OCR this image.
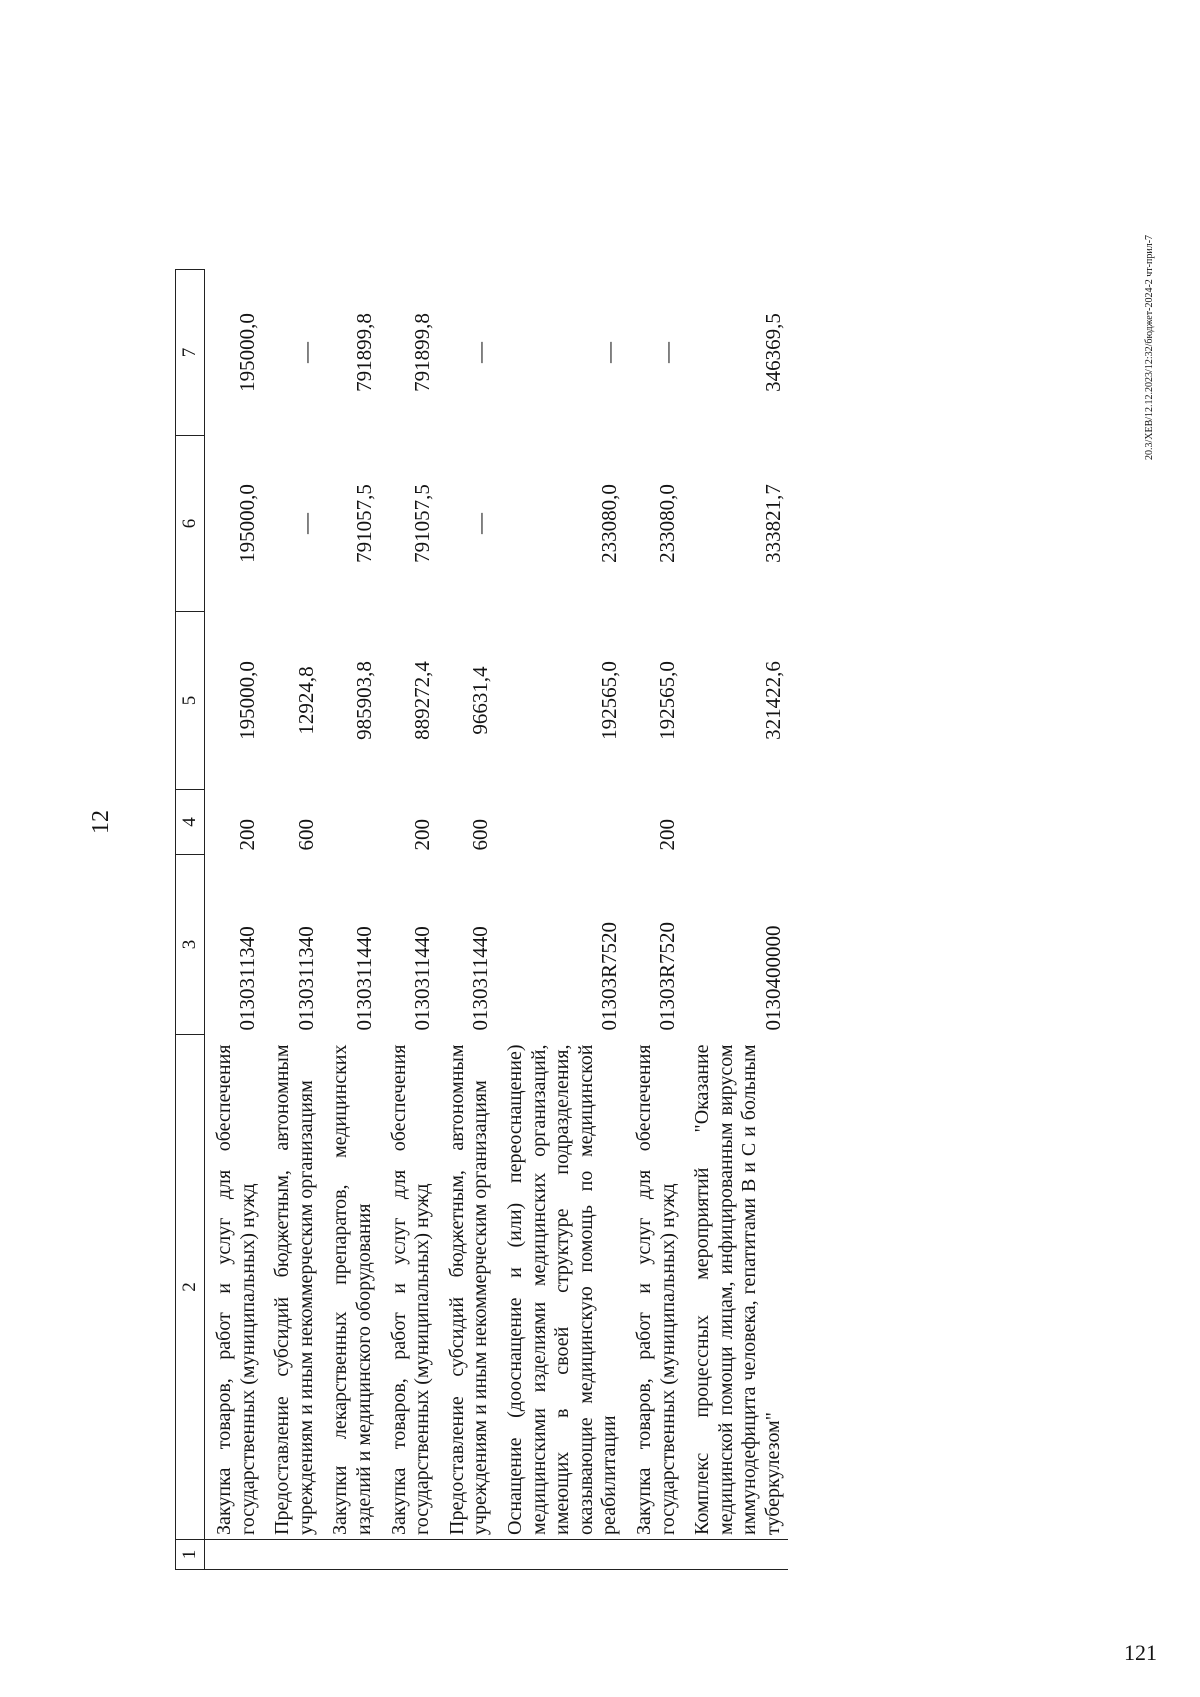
12
20.3/ХЕВ/12.12.2023/12:32/бюджет-2024-2 чт-прил-7
121
1	2	3	4	5	6	7
	Закупка товаров, работ и услуг для обеспечения государственных (муниципальных) нужд	0130311340	200	195000,0	195000,0	195000,0
	Предоставление субсидий бюджетным, автономным учреждениям и иным некоммерческим организациям	0130311340	600	12924,8	—	—
	Закупки лекарственных препаратов, медицинских изделий и медицинского оборудования	0130311440		985903,8	791057,5	791899,8
	Закупка товаров, работ и услуг для обеспечения государственных (муниципальных) нужд	0130311440	200	889272,4	791057,5	791899,8
	Предоставление субсидий бюджетным, автономным учреждениям и иным некоммерческим организациям	0130311440	600	96631,4	—	—
	Оснащение (дооснащение и (или) переоснащение) медицинскими изделиями медицинских организаций, имеющих в своей структуре подразделения, оказывающие медицинскую помощь по медицинской реабилитации	01303R7520		192565,0	233080,0	—
	Закупка товаров, работ и услуг для обеспечения государственных (муниципальных) нужд	01303R7520	200	192565,0	233080,0	—
	Комплекс процессных мероприятий "Оказание медицинской помощи лицам, инфицированным вирусом иммунодефицита человека, гепатитами В и С и больным туберкулезом"	0130400000		321422,6	333821,7	346369,5
